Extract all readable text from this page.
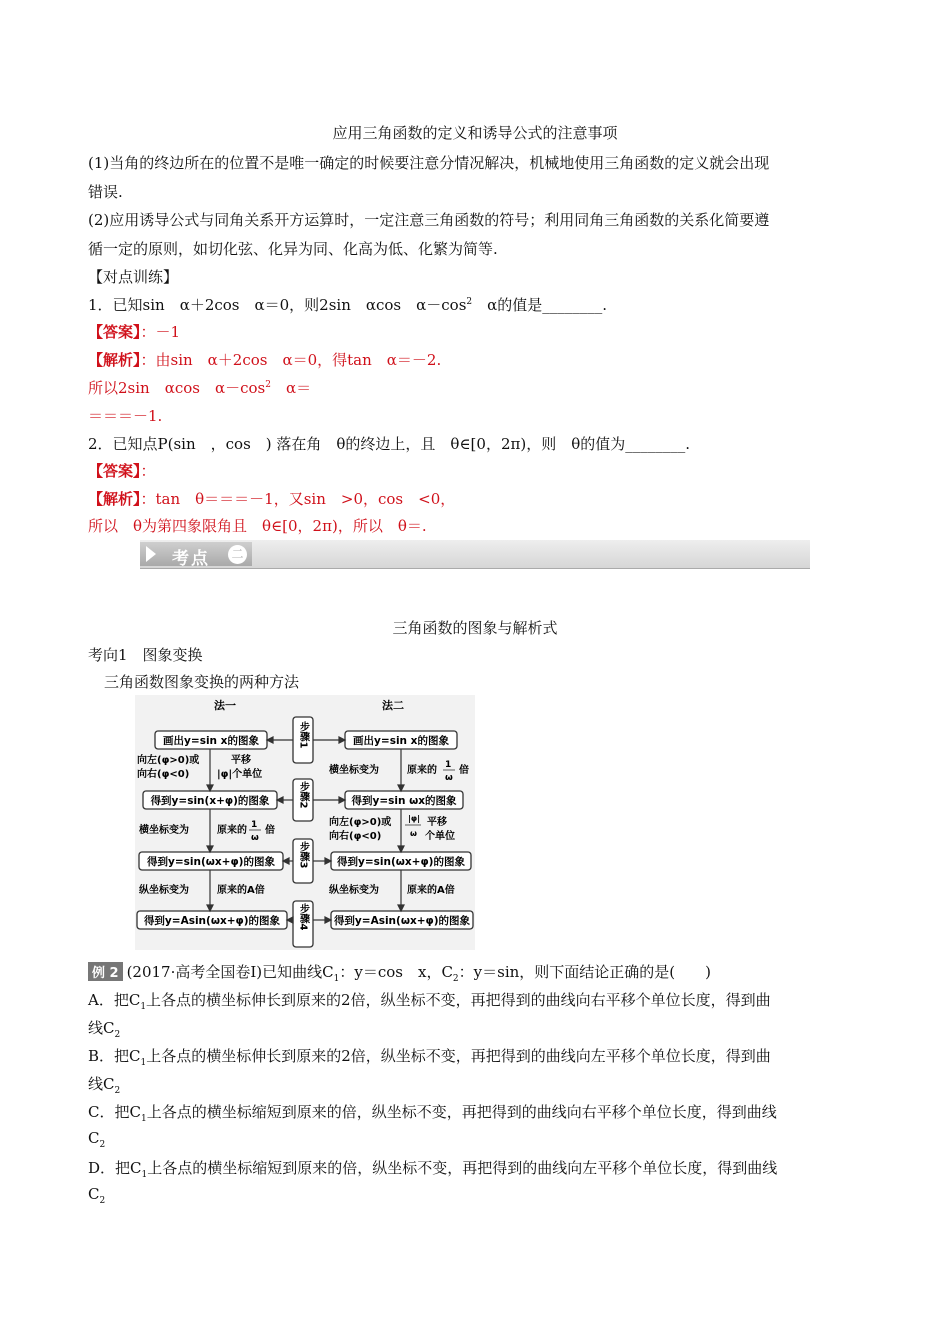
应用三角函数的定义和诱导公式的注意事项
(1)当角的终边所在的位置不是唯一确定的时候要注意分情况解决，机械地使用三角函数的定义就会出现
错误.
(2)应用诱导公式与同角关系开方运算时，一定注意三角函数的符号；利用同角三角函数的关系化简要遵
循一定的原则，如切化弦、化异为同、化高为低、化繁为简等.
【对点训练】
1．已知sin　α＋2cos　α＝0，则2sin　αcos　$\alpha-\cos^2$　α的值是________.
【答案】：－1
【解析】：由sin　α＋2cos　α＝0，得tan　α＝－2.
所以2sin　αcos　$\alpha-\cos^2$　α＝
＝＝＝－1.
2．已知点P(sin　，cos　) 落在角　θ的终边上，且　θ∈[0，2π)，则　θ的值为________.
【答案】：
【解析】：tan　θ＝＝＝－1，又sin　>0，cos　<0，
所以　θ为第四象限角且　θ∈[0，2π)，所以　θ＝.
考点 二
三角函数的图象与解析式
考向1　图象变换
三角函数图象变换的两种方法
法一	法二
画出y=sin x的图象
得到y=sin(x+φ)的图象
得到y=sin(ωx+φ)的图象
得到y=Asin(ωx+φ)的图象
画出y=sin x的图象
得到y=sin ωx的图象
得到y=sin(ωx+φ)的图象
得到y=Asin(ωx+φ)的图象
步骤1
步骤2
步骤3
步骤4
向左(φ>0)或
向右(φ<0)
平移
|φ|个单位
横坐标变为	原来的 1
ω
倍
纵坐标变为	原来的A倍
横坐标变为	原来的 1
ω
倍
向左(φ>0)或
向右(φ<0)
平移
|φ|
ω 个单位
纵坐标变为	原来的A倍
例 2 (2017·高考全国卷Ⅰ)已知曲线$C_1$：y＝cos　x，$C_2$：y＝sin，则下面结论正确的是(　　)
A．把$C_1$上各点的横坐标伸长到原来的2倍，纵坐标不变，再把得到的曲线向右平移个单位长度，得到曲
线$C_2$
B．把$C_1$上各点的横坐标伸长到原来的2倍，纵坐标不变，再把得到的曲线向左平移个单位长度，得到曲
线$C_2$
C．把$C_1$上各点的横坐标缩短到原来的倍，纵坐标不变，再把得到的曲线向右平移个单位长度，得到曲线
$C_2$
D．把$C_1$上各点的横坐标缩短到原来的倍，纵坐标不变，再把得到的曲线向左平移个单位长度，得到曲线
$C_2$
